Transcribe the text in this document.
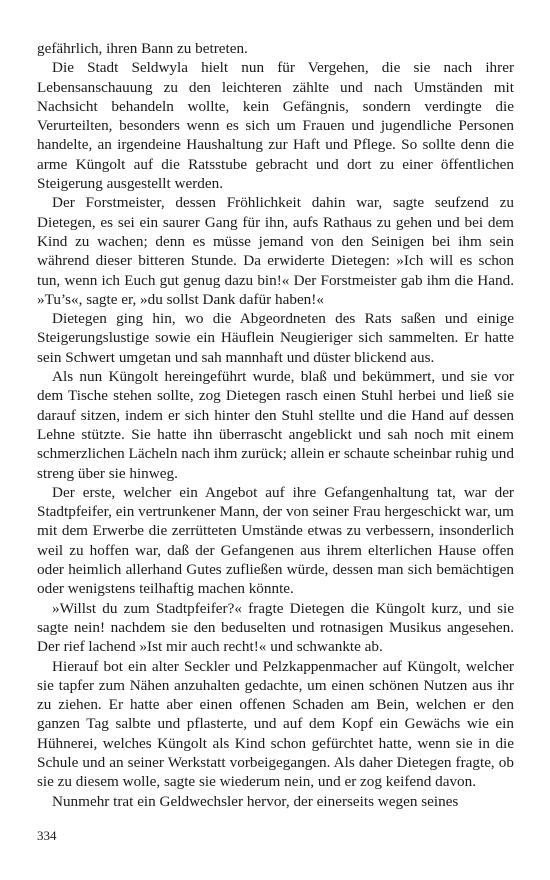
gefährlich, ihren Bann zu betreten.

Die Stadt Seldwyla hielt nun für Vergehen, die sie nach ihrer Lebensanschauung zu den leichteren zählte und nach Umständen mit Nachsicht behandeln wollte, kein Gefängnis, sondern verdingte die Verurteilten, besonders wenn es sich um Frauen und jugendliche Personen handelte, an irgendeine Haushaltung zur Haft und Pflege. So sollte denn die arme Küngolt auf die Ratsstube gebracht und dort zu einer öffentlichen Steigerung ausgestellt werden.

Der Forstmeister, dessen Fröhlichkeit dahin war, sagte seufzend zu Dietegen, es sei ein saurer Gang für ihn, aufs Rathaus zu gehen und bei dem Kind zu wachen; denn es müsse jemand von den Seinigen bei ihm sein während dieser bitteren Stunde. Da erwiderte Dietegen: »Ich will es schon tun, wenn ich Euch gut genug dazu bin!« Der Forstmeister gab ihm die Hand. »Tu’s«, sagte er, »du sollst Dank dafür haben!«

Dietegen ging hin, wo die Abgeordneten des Rats saßen und einige Steigerungslustige sowie ein Häuflein Neugieriger sich sammelten. Er hatte sein Schwert umgetan und sah mannhaft und düster blickend aus.

Als nun Küngolt hereingeführt wurde, blaß und bekümmert, und sie vor dem Tische stehen sollte, zog Dietegen rasch einen Stuhl herbei und ließ sie darauf sitzen, indem er sich hinter den Stuhl stellte und die Hand auf dessen Lehne stützte. Sie hatte ihn überrascht angeblickt und sah noch mit einem schmerzlichen Lächeln nach ihm zurück; allein er schaute scheinbar ruhig und streng über sie hinweg.

Der erste, welcher ein Angebot auf ihre Gefangenhaltung tat, war der Stadtpfeifer, ein vertrunkener Mann, der von seiner Frau hergeschickt war, um mit dem Erwerbe die zerrütteten Umstände etwas zu verbessern, insonderlich weil zu hoffen war, daß der Gefangenen aus ihrem elterlichen Hause offen oder heimlich allerhand Gutes zufließen würde, dessen man sich bemächtigen oder wenigstens teilhaftig machen könnte.

»Willst du zum Stadtpfeifer?« fragte Dietegen die Küngolt kurz, und sie sagte nein! nachdem sie den beduselten und rotnasigen Musikus angesehen. Der rief lachend »Ist mir auch recht!« und schwankte ab.

Hierauf bot ein alter Seckler und Pelzkappenmacher auf Küngolt, welcher sie tapfer zum Nähen anzuhalten gedachte, um einen schönen Nutzen aus ihr zu ziehen. Er hatte aber einen offenen Schaden am Bein, welchen er den ganzen Tag salbte und pflasterte, und auf dem Kopf ein Gewächs wie ein Hühnerei, welches Küngolt als Kind schon gefürchtet hatte, wenn sie in die Schule und an seiner Werkstatt vorbeigegangen. Als daher Dietegen fragte, ob sie zu diesem wolle, sagte sie wiederum nein, und er zog keifend davon.

Nunmehr trat ein Geldwechsler hervor, der einerseits wegen seines

334
